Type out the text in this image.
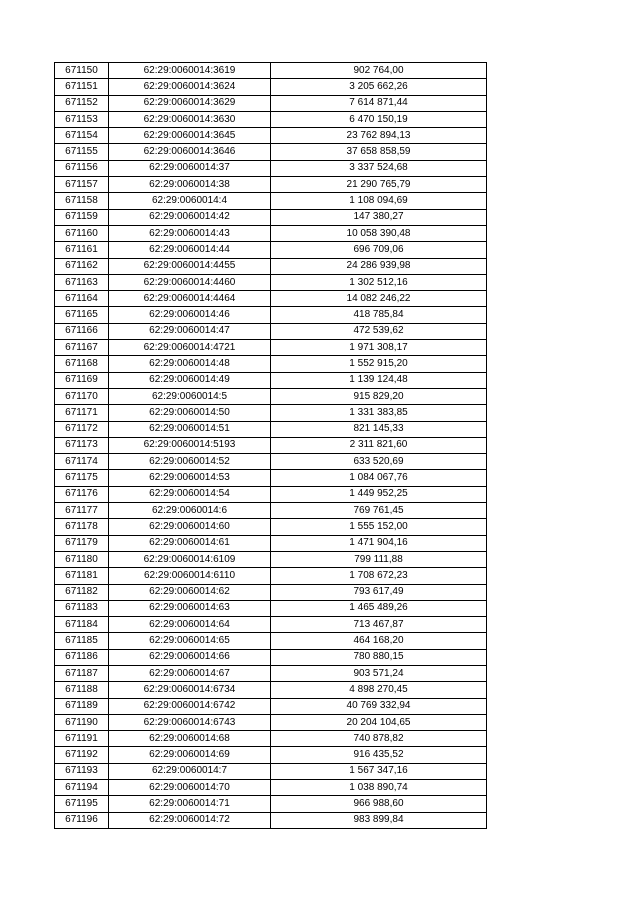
671150	62:29:0060014:3619	902 764,00
671151	62:29:0060014:3624	3 205 662,26
671152	62:29:0060014:3629	7 614 871,44
671153	62:29:0060014:3630	6 470 150,19
671154	62:29:0060014:3645	23 762 894,13
671155	62:29:0060014:3646	37 658 858,59
671156	62:29:0060014:37	3 337 524,68
671157	62:29:0060014:38	21 290 765,79
671158	62:29:0060014:4	1 108 094,69
671159	62:29:0060014:42	147 380,27
671160	62:29:0060014:43	10 058 390,48
671161	62:29:0060014:44	696 709,06
671162	62:29:0060014:4455	24 286 939,98
671163	62:29:0060014:4460	1 302 512,16
671164	62:29:0060014:4464	14 082 246,22
671165	62:29:0060014:46	418 785,84
671166	62:29:0060014:47	472 539,62
671167	62:29:0060014:4721	1 971 308,17
671168	62:29:0060014:48	1 552 915,20
671169	62:29:0060014:49	1 139 124,48
671170	62:29:0060014:5	915 829,20
671171	62:29:0060014:50	1 331 383,85
671172	62:29:0060014:51	821 145,33
671173	62:29:0060014:5193	2 311 821,60
671174	62:29:0060014:52	633 520,69
671175	62:29:0060014:53	1 084 067,76
671176	62:29:0060014:54	1 449 952,25
671177	62:29:0060014:6	769 761,45
671178	62:29:0060014:60	1 555 152,00
671179	62:29:0060014:61	1 471 904,16
671180	62:29:0060014:6109	799 111,88
671181	62:29:0060014:6110	1 708 672,23
671182	62:29:0060014:62	793 617,49
671183	62:29:0060014:63	1 465 489,26
671184	62:29:0060014:64	713 467,87
671185	62:29:0060014:65	464 168,20
671186	62:29:0060014:66	780 880,15
671187	62:29:0060014:67	903 571,24
671188	62:29:0060014:6734	4 898 270,45
671189	62:29:0060014:6742	40 769 332,94
671190	62:29:0060014:6743	20 204 104,65
671191	62:29:0060014:68	740 878,82
671192	62:29:0060014:69	916 435,52
671193	62:29:0060014:7	1 567 347,16
671194	62:29:0060014:70	1 038 890,74
671195	62:29:0060014:71	966 988,60
671196	62:29:0060014:72	983 899,84
